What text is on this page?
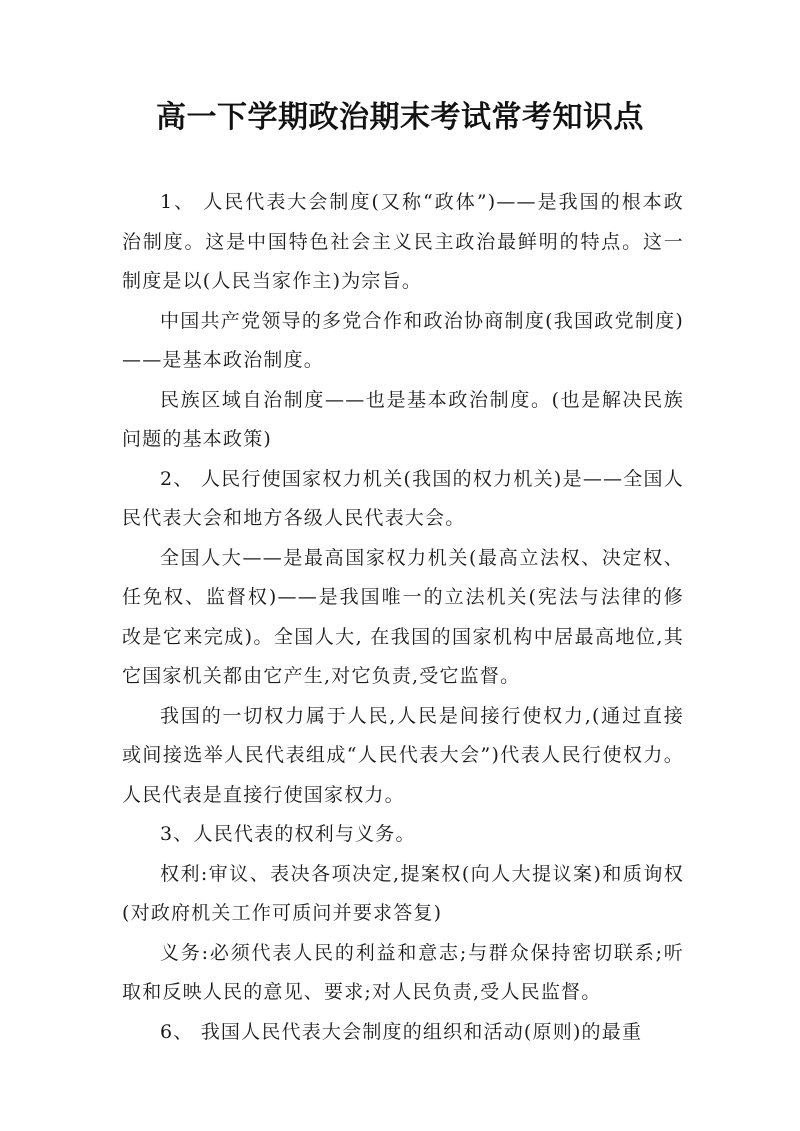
高一下学期政治期末考试常考知识点

1、 人民代表大会制度(又称“政体”)——是我国的根本政治制度。这是中国特色社会主义民主政治最鲜明的特点。这一制度是以(人民当家作主)为宗旨。

中国共产党领导的多党合作和政治协商制度(我国政党制度)——是基本政治制度。

民族区域自治制度——也是基本政治制度。(也是解决民族问题的基本政策)

2、 人民行使国家权力机关(我国的权力机关)是——全国人民代表大会和地方各级人民代表大会。

全国人大——是最高国家权力机关(最高立法权、决定权、任免权、监督权)——是我国唯一的立法机关(宪法与法律的修改是它来完成)。全国人大, 在我国的国家机构中居最高地位,其它国家机关都由它产生,对它负责,受它监督。

我国的一切权力属于人民,人民是间接行使权力,(通过直接或间接选举人民代表组成“人民代表大会”)代表人民行使权力。人民代表是直接行使国家权力。

3、人民代表的权利与义务。

权利:审议、表决各项决定,提案权(向人大提议案)和质询权(对政府机关工作可质问并要求答复)

义务:必须代表人民的利益和意志;与群众保持密切联系;听取和反映人民的意见、要求;对人民负责,受人民监督。

6、 我国人民代表大会制度的组织和活动(原则)的最重
